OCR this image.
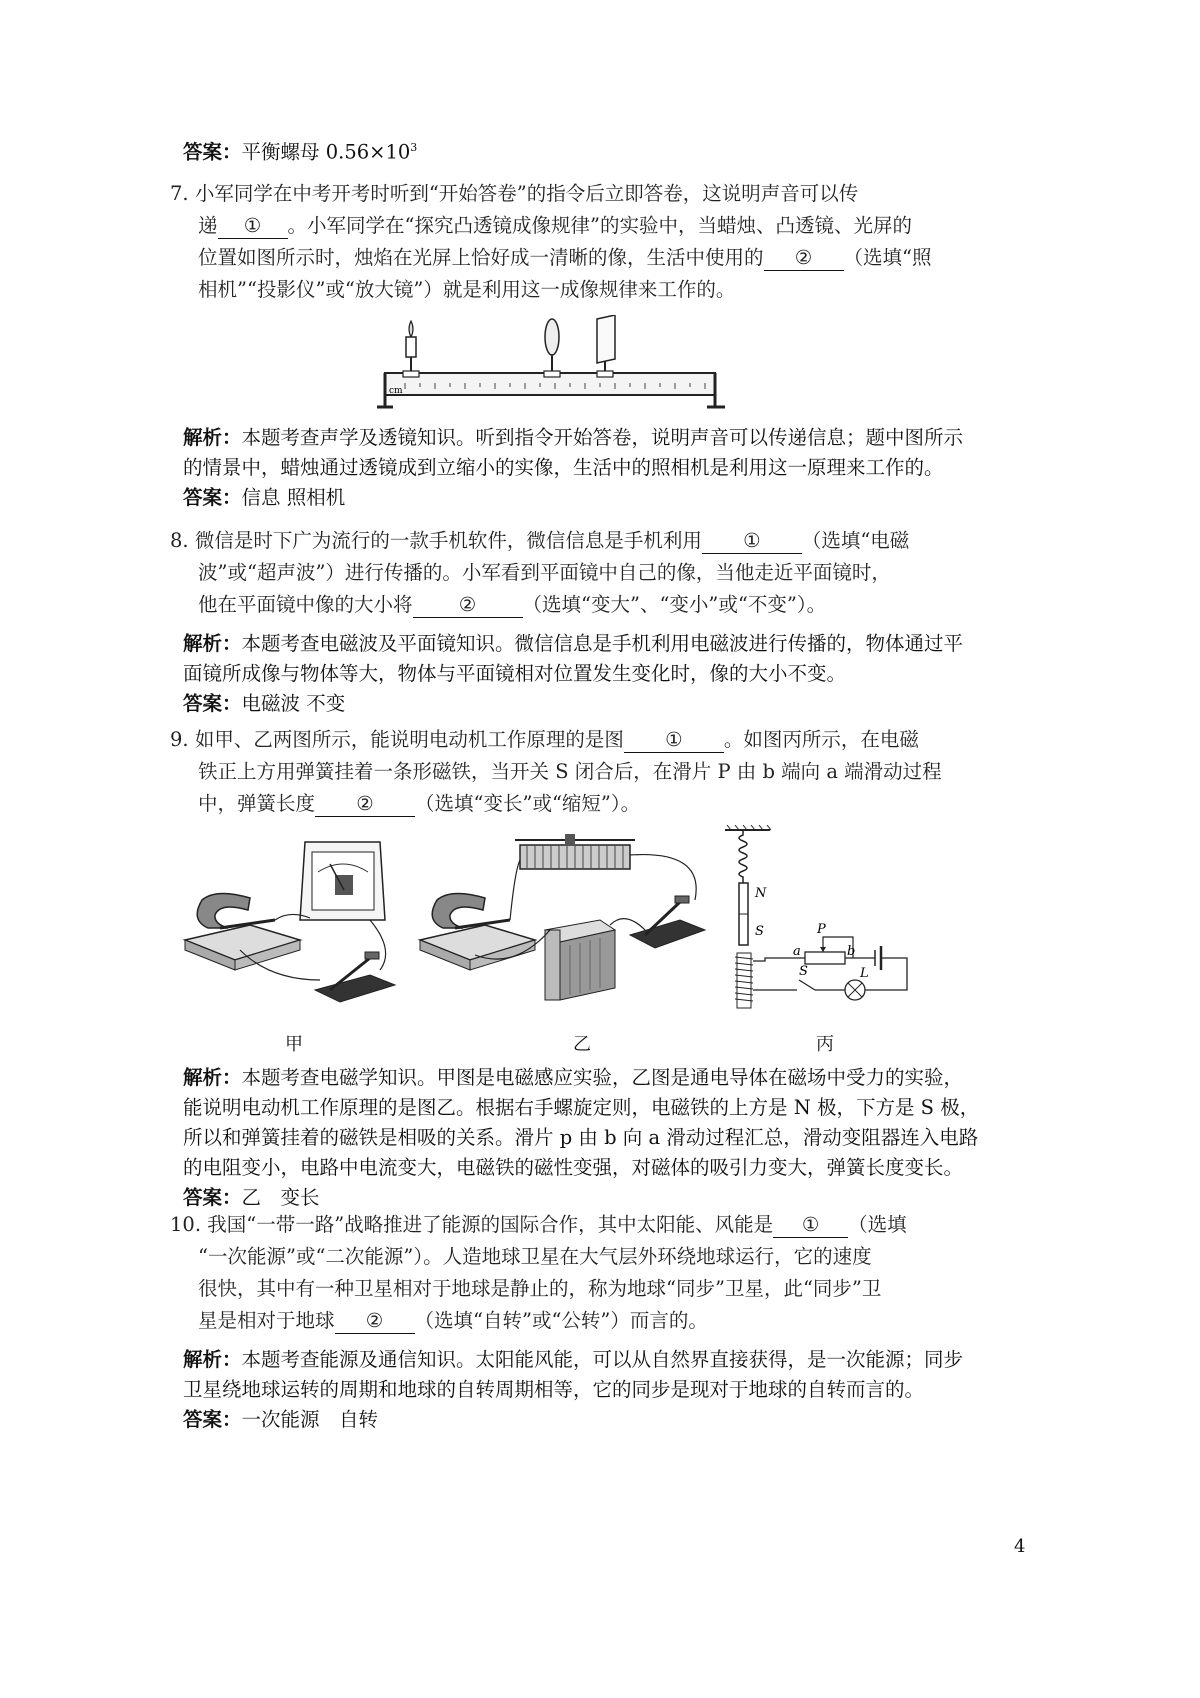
答案：平衡螺母 $0.56\times 10^3$
7. 小军同学在中考开考时听到“开始答卷”的指令后立即答卷，这说明声音可以传
递 ① 。小军同学在“探究凸透镜成像规律”的实验中，当蜡烛、凸透镜、光屏的
位置如图所示时，烛焰在光屏上恰好成一清晰的像，生活中使用的 ② （选填“照
相机”“投影仪”或“放大镜”）就是利用这一成像规律来工作的。
cm
解析：本题考查声学及透镜知识。听到指令开始答卷，说明声音可以传递信息；题中图所示
的情景中，蜡烛通过透镜成到立缩小的实像，生活中的照相机是利用这一原理来工作的。
答案：信息 照相机
8. 微信是时下广为流行的一款手机软件，微信信息是手机利用 ① （选填“电磁
波”或“超声波”）进行传播的。小军看到平面镜中自己的像，当他走近平面镜时，
他在平面镜中像的大小将 ② （选填“变大”、“变小”或“不变”）。
解析：本题考查电磁波及平面镜知识。微信信息是手机利用电磁波进行传播的，物体通过平
面镜所成像与物体等大，物体与平面镜相对位置发生变化时，像的大小不变。
答案：电磁波 不变
9. 如甲、乙两图所示，能说明电动机工作原理的是图 ① 。如图丙所示，在电磁
铁正上方用弹簧挂着一条形磁铁，当开关 S 闭合后，在滑片 P 由 b 端向 a 端滑动过程
中，弹簧长度 ② （选填“变长”或“缩短”）。
N
S	P
a	b
S	L
甲	乙	丙
解析：本题考查电磁学知识。甲图是电磁感应实验，乙图是通电导体在磁场中受力的实验，
能说明电动机工作原理的是图乙。根据右手螺旋定则，电磁铁的上方是 N 极，下方是 S 极，
所以和弹簧挂着的磁铁是相吸的关系。滑片 p 由 b 向 a 滑动过程汇总，滑动变阻器连入电路
的电阻变小，电路中电流变大，电磁铁的磁性变强，对磁体的吸引力变大，弹簧长度变长。
答案：乙　变长
10. 我国“一带一路”战略推进了能源的国际合作，其中太阳能、风能是 ① （选填
“一次能源”或“二次能源”）。人造地球卫星在大气层外环绕地球运行，它的速度
很快，其中有一种卫星相对于地球是静止的，称为地球“同步”卫星，此“同步”卫
星是相对于地球 ② （选填“自转”或“公转”）而言的。
解析：本题考查能源及通信知识。太阳能风能，可以从自然界直接获得，是一次能源；同步
卫星绕地球运转的周期和地球的自转周期相等，它的同步是现对于地球的自转而言的。
答案：一次能源　自转
4
